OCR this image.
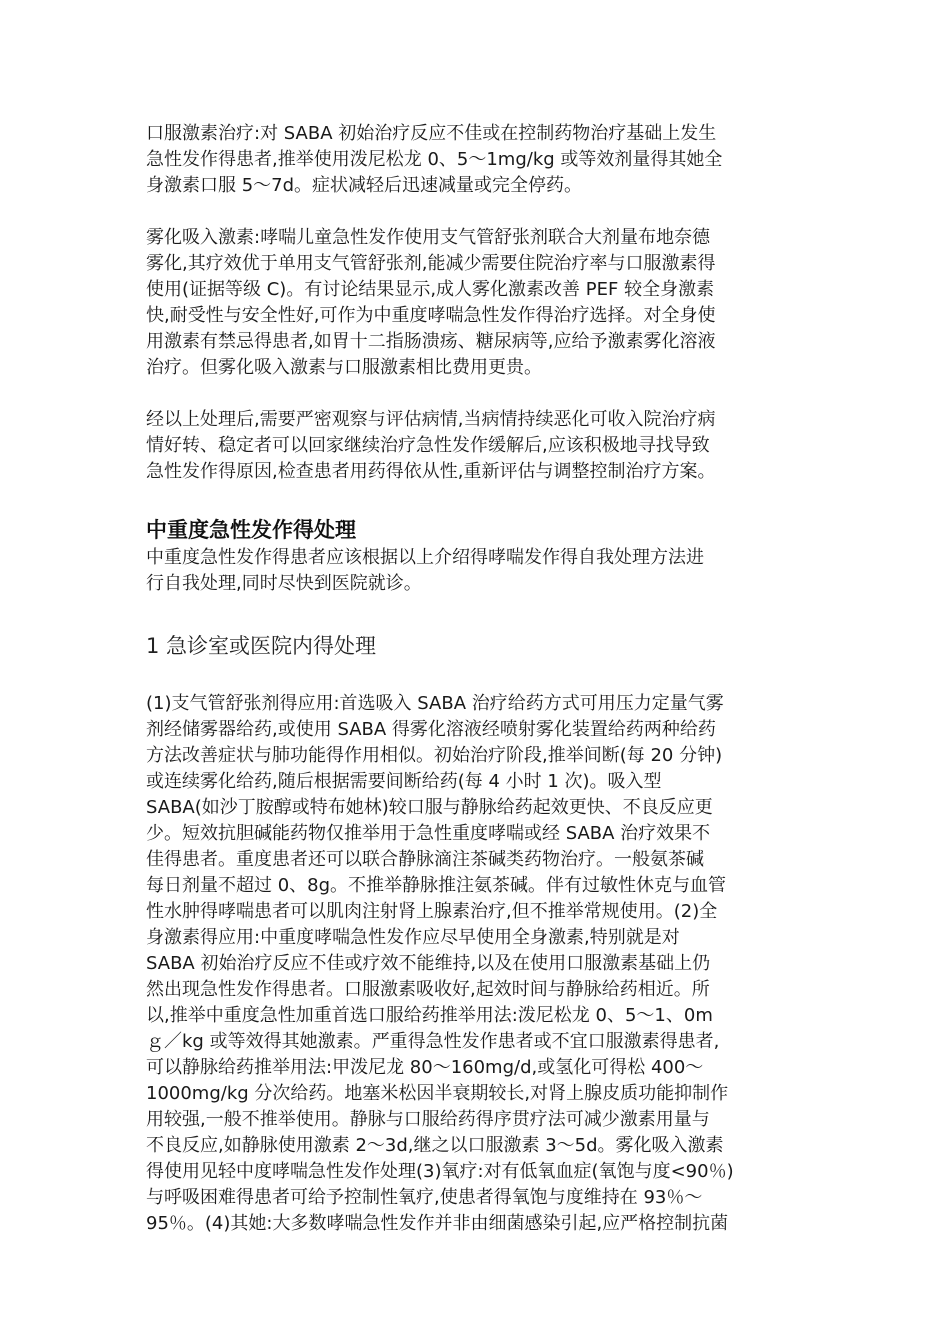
口服激素治疗:对 SABA 初始治疗反应不佳或在控制药物治疗基础上发生
急性发作得患者,推举使用泼尼松龙 0、5～1mg/kg 或等效剂量得其她全
身激素口服 5～7d。症状减轻后迅速减量或完全停药。

雾化吸入激素:哮喘儿童急性发作使用支气管舒张剂联合大剂量布地奈德
雾化,其疗效优于单用支气管舒张剂,能减少需要住院治疗率与口服激素得
使用(证据等级 C)。有讨论结果显示,成人雾化激素改善 PEF 较全身激素
快,耐受性与安全性好,可作为中重度哮喘急性发作得治疗选择。对全身使
用激素有禁忌得患者,如胃十二指肠溃疡、糖尿病等,应给予激素雾化溶液
治疗。但雾化吸入激素与口服激素相比费用更贵。

经以上处理后,需要严密观察与评估病情,当病情持续恶化可收入院治疗病
情好转、稳定者可以回家继续治疗急性发作缓解后,应该积极地寻找导致
急性发作得原因,检查患者用药得依从性,重新评估与调整控制治疗方案。

中重度急性发作得处理

中重度急性发作得患者应该根据以上介绍得哮喘发作得自我处理方法进
行自我处理,同时尽快到医院就诊。

1 急诊室或医院内得处理

(1)支气管舒张剂得应用:首选吸入 SABA 治疗给药方式可用压力定量气雾
剂经储雾器给药,或使用 SABA 得雾化溶液经喷射雾化装置给药两种给药
方法改善症状与肺功能得作用相似。初始治疗阶段,推举间断(每 20 分钟)
或连续雾化给药,随后根据需要间断给药(每 4 小时 1 次)。吸入型
SABA(如沙丁胺醇或特布她林)较口服与静脉给药起效更快、不良反应更
少。短效抗胆碱能药物仅推举用于急性重度哮喘或经 SABA 治疗效果不
佳得患者。重度患者还可以联合静脉滴注茶碱类药物治疗。一般氨茶碱
每日剂量不超过 0、8g。不推举静脉推注氨茶碱。伴有过敏性休克与血管
性水肿得哮喘患者可以肌肉注射肾上腺素治疗,但不推举常规使用。(2)全
身激素得应用:中重度哮喘急性发作应尽早使用全身激素,特别就是对
SABA 初始治疗反应不佳或疗效不能维持,以及在使用口服激素基础上仍
然出现急性发作得患者。口服激素吸收好,起效时间与静脉给药相近。所
以,推举中重度急性加重首选口服给药推举用法:泼尼松龙 0、5～1、0m
ｇ／kg 或等效得其她激素。严重得急性发作患者或不宜口服激素得患者,
可以静脉给药推举用法:甲泼尼龙 80～160mg/d,或氢化可得松 400～
1000mg/kg 分次给药。地塞米松因半衰期较长,对肾上腺皮质功能抑制作
用较强,一般不推举使用。静脉与口服给药得序贯疗法可减少激素用量与
不良反应,如静脉使用激素 2～3d,继之以口服激素 3～5d。雾化吸入激素
得使用见轻中度哮喘急性发作处理(3)氧疗:对有低氧血症(氧饱与度<90％)
与呼吸困难得患者可给予控制性氧疗,使患者得氧饱与度维持在 93％～
95％。(4)其她:大多数哮喘急性发作并非由细菌感染引起,应严格控制抗菌
